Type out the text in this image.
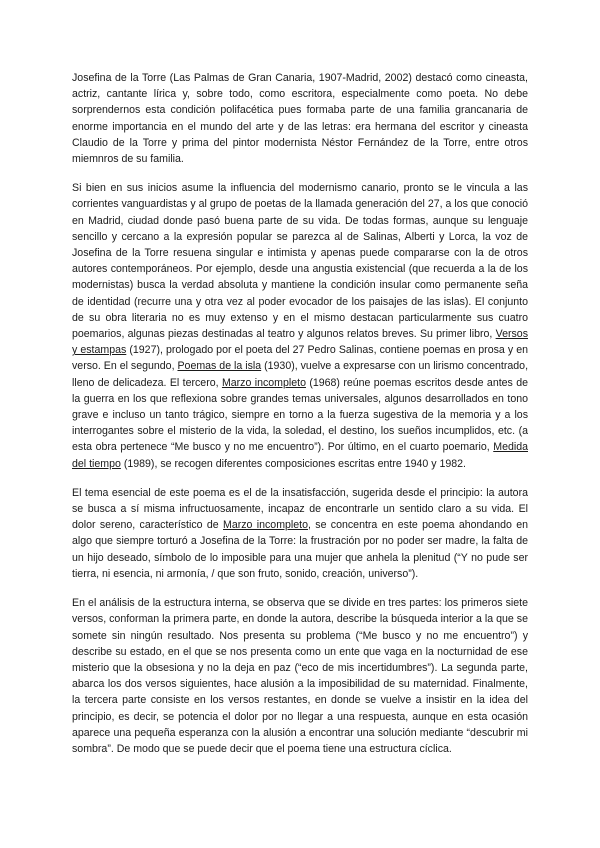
Josefina de la Torre (Las Palmas de Gran Canaria, 1907-Madrid, 2002) destacó como cineasta, actriz, cantante lírica y, sobre todo, como escritora, especialmente como poeta. No debe sorprendernos esta condición polifacética pues formaba parte de una familia grancanaria de enorme importancia en el mundo del arte y de las letras: era hermana del escritor y cineasta Claudio de la Torre y prima del pintor modernista Néstor Fernández de la Torre, entre otros miemnros de su familia.

Si bien en sus inicios asume la influencia del modernismo canario, pronto se le vincula a las corrientes vanguardistas y al grupo de poetas de la llamada generación del 27, a los que conoció en Madrid, ciudad donde pasó buena parte de su vida. De todas formas, aunque su lenguaje sencillo y cercano a la expresión popular se parezca al de Salinas, Alberti y Lorca, la voz de Josefina de la Torre resuena singular e intimista y apenas puede compararse con la de otros autores contemporáneos. Por ejemplo, desde una angustia existencial (que recuerda a la de los modernistas) busca la verdad absoluta y mantiene la condición insular como permanente seña de identidad (recurre una y otra vez al poder evocador de los paisajes de las islas). El conjunto de su obra literaria no es muy extenso y en el mismo destacan particularmente sus cuatro poemarios, algunas piezas destinadas al teatro y algunos relatos breves. Su primer libro, Versos y estampas (1927), prologado por el poeta del 27 Pedro Salinas, contiene poemas en prosa y en verso. En el segundo, Poemas de la isla (1930), vuelve a expresarse con un lirismo concentrado, lleno de delicadeza. El tercero, Marzo incompleto (1968) reúne poemas escritos desde antes de la guerra en los que reflexiona sobre grandes temas universales, algunos desarrollados en tono grave e incluso un tanto trágico, siempre en torno a la fuerza sugestiva de la memoria y a los interrogantes sobre el misterio de la vida, la soledad, el destino, los sueños incumplidos, etc. (a esta obra pertenece “Me busco y no me encuentro”). Por último, en el cuarto poemario, Medida del tiempo (1989), se recogen diferentes composiciones escritas entre 1940 y 1982.

El tema esencial de este poema es el de la insatisfacción, sugerida desde el principio: la autora se busca a sí misma infructuosamente, incapaz de encontrarle un sentido claro a su vida. El dolor sereno, característico de Marzo incompleto, se concentra en este poema ahondando en algo que siempre torturó a Josefina de la Torre: la frustración por no poder ser madre, la falta de un hijo deseado, símbolo de lo imposible para una mujer que anhela la plenitud (“Y no pude ser tierra, ni esencia, ni armonía, / que son fruto, sonido, creación, universo”).

En el análisis de la estructura interna, se observa que se divide en tres partes: los primeros siete versos, conforman la primera parte, en donde la autora, describe la búsqueda interior a la que se somete sin ningún resultado. Nos presenta su problema (“Me busco y no me encuentro”) y describe su estado, en el que se nos presenta como un ente que vaga en la nocturnidad de ese misterio que la obsesiona y no la deja en paz (“eco de mis incertidumbres”). La segunda parte, abarca los dos versos siguientes, hace alusión a la imposibilidad de su maternidad. Finalmente, la tercera parte consiste en los versos restantes, en donde se vuelve a insistir en la idea del principio, es decir, se potencia el dolor por no llegar a una respuesta, aunque en esta ocasión aparece una pequeña esperanza con la alusión a encontrar una solución mediante “descubrir mi sombra”. De modo que se puede decir que el poema tiene una estructura cíclica.
